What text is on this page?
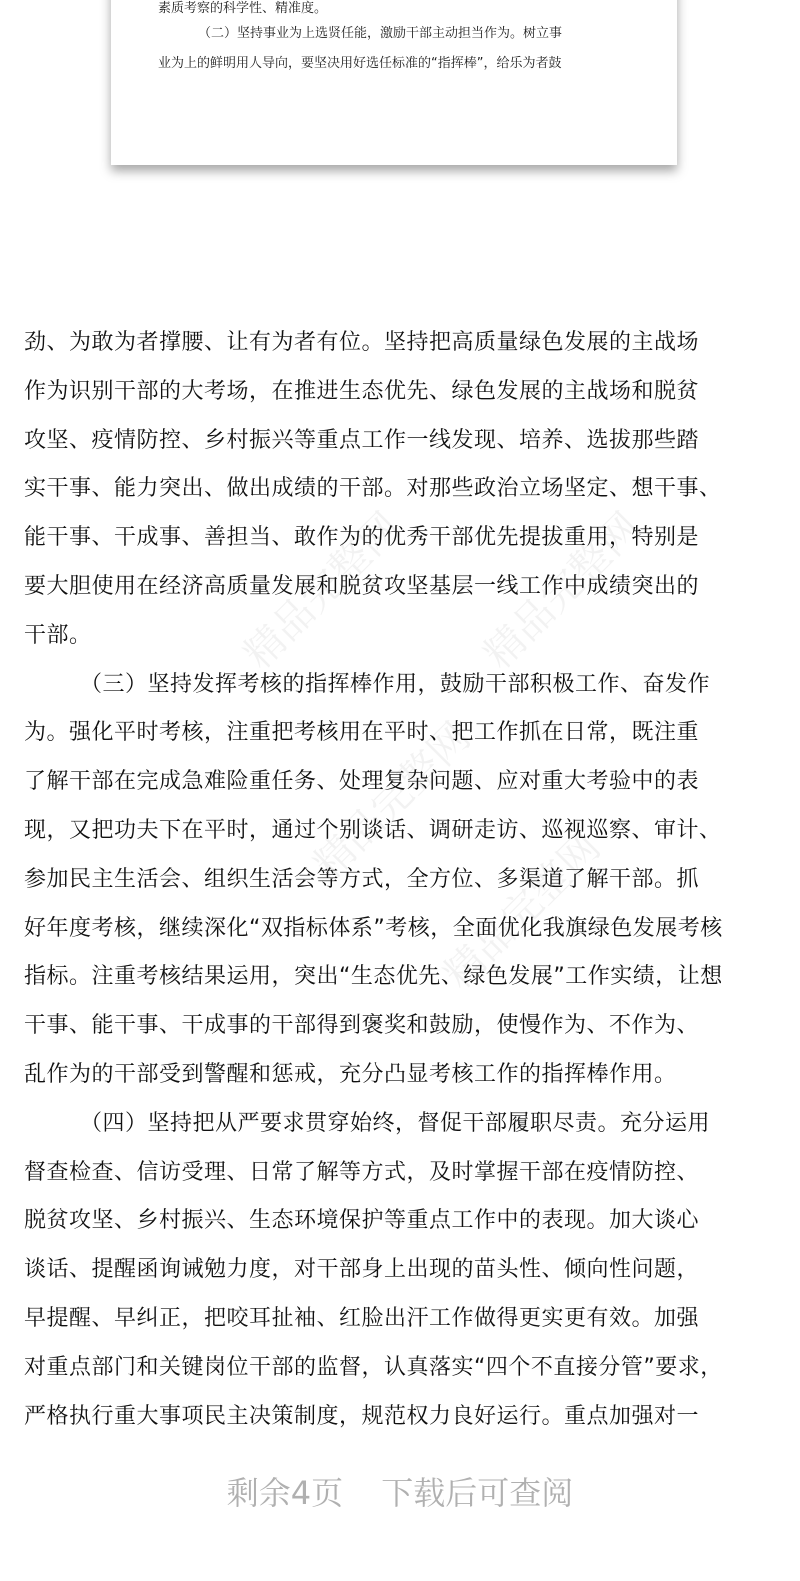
素质考察的科学性、精准度。
（二）坚持事业为上选贤任能，激励干部主动担当作为。树立事
业为上的鲜明用人导向，要坚决用好选任标准的“指挥棒”，给乐为者鼓
精品完整网 精品完整网
精品完整网
精品完整网
劲、为敢为者撑腰、让有为者有位。坚持把高质量绿色发展的主战场
作为识别干部的大考场，在推进生态优先、绿色发展的主战场和脱贫
攻坚、疫情防控、乡村振兴等重点工作一线发现、培养、选拔那些踏
实干事、能力突出、做出成绩的干部。对那些政治立场坚定、想干事、
能干事、干成事、善担当、敢作为的优秀干部优先提拔重用，特别是
要大胆使用在经济高质量发展和脱贫攻坚基层一线工作中成绩突出的
干部。
（三）坚持发挥考核的指挥棒作用，鼓励干部积极工作、奋发作
为。强化平时考核，注重把考核用在平时、把工作抓在日常，既注重
了解干部在完成急难险重任务、处理复杂问题、应对重大考验中的表
现，又把功夫下在平时，通过个别谈话、调研走访、巡视巡察、审计、
参加民主生活会、组织生活会等方式，全方位、多渠道了解干部。抓
好年度考核，继续深化“双指标体系”考核，全面优化我旗绿色发展考核
指标。注重考核结果运用，突出“生态优先、绿色发展”工作实绩，让想
干事、能干事、干成事的干部得到褒奖和鼓励，使慢作为、不作为、
乱作为的干部受到警醒和惩戒，充分凸显考核工作的指挥棒作用。
（四）坚持把从严要求贯穿始终，督促干部履职尽责。充分运用
督查检查、信访受理、日常了解等方式，及时掌握干部在疫情防控、
脱贫攻坚、乡村振兴、生态环境保护等重点工作中的表现。加大谈心
谈话、提醒函询诫勉力度，对干部身上出现的苗头性、倾向性问题，
早提醒、早纠正，把咬耳扯袖、红脸出汗工作做得更实更有效。加强
对重点部门和关键岗位干部的监督，认真落实“四个不直接分管”要求，
严格执行重大事项民主决策制度，规范权力良好运行。重点加强对一
剩余4页 下载后可查阅
